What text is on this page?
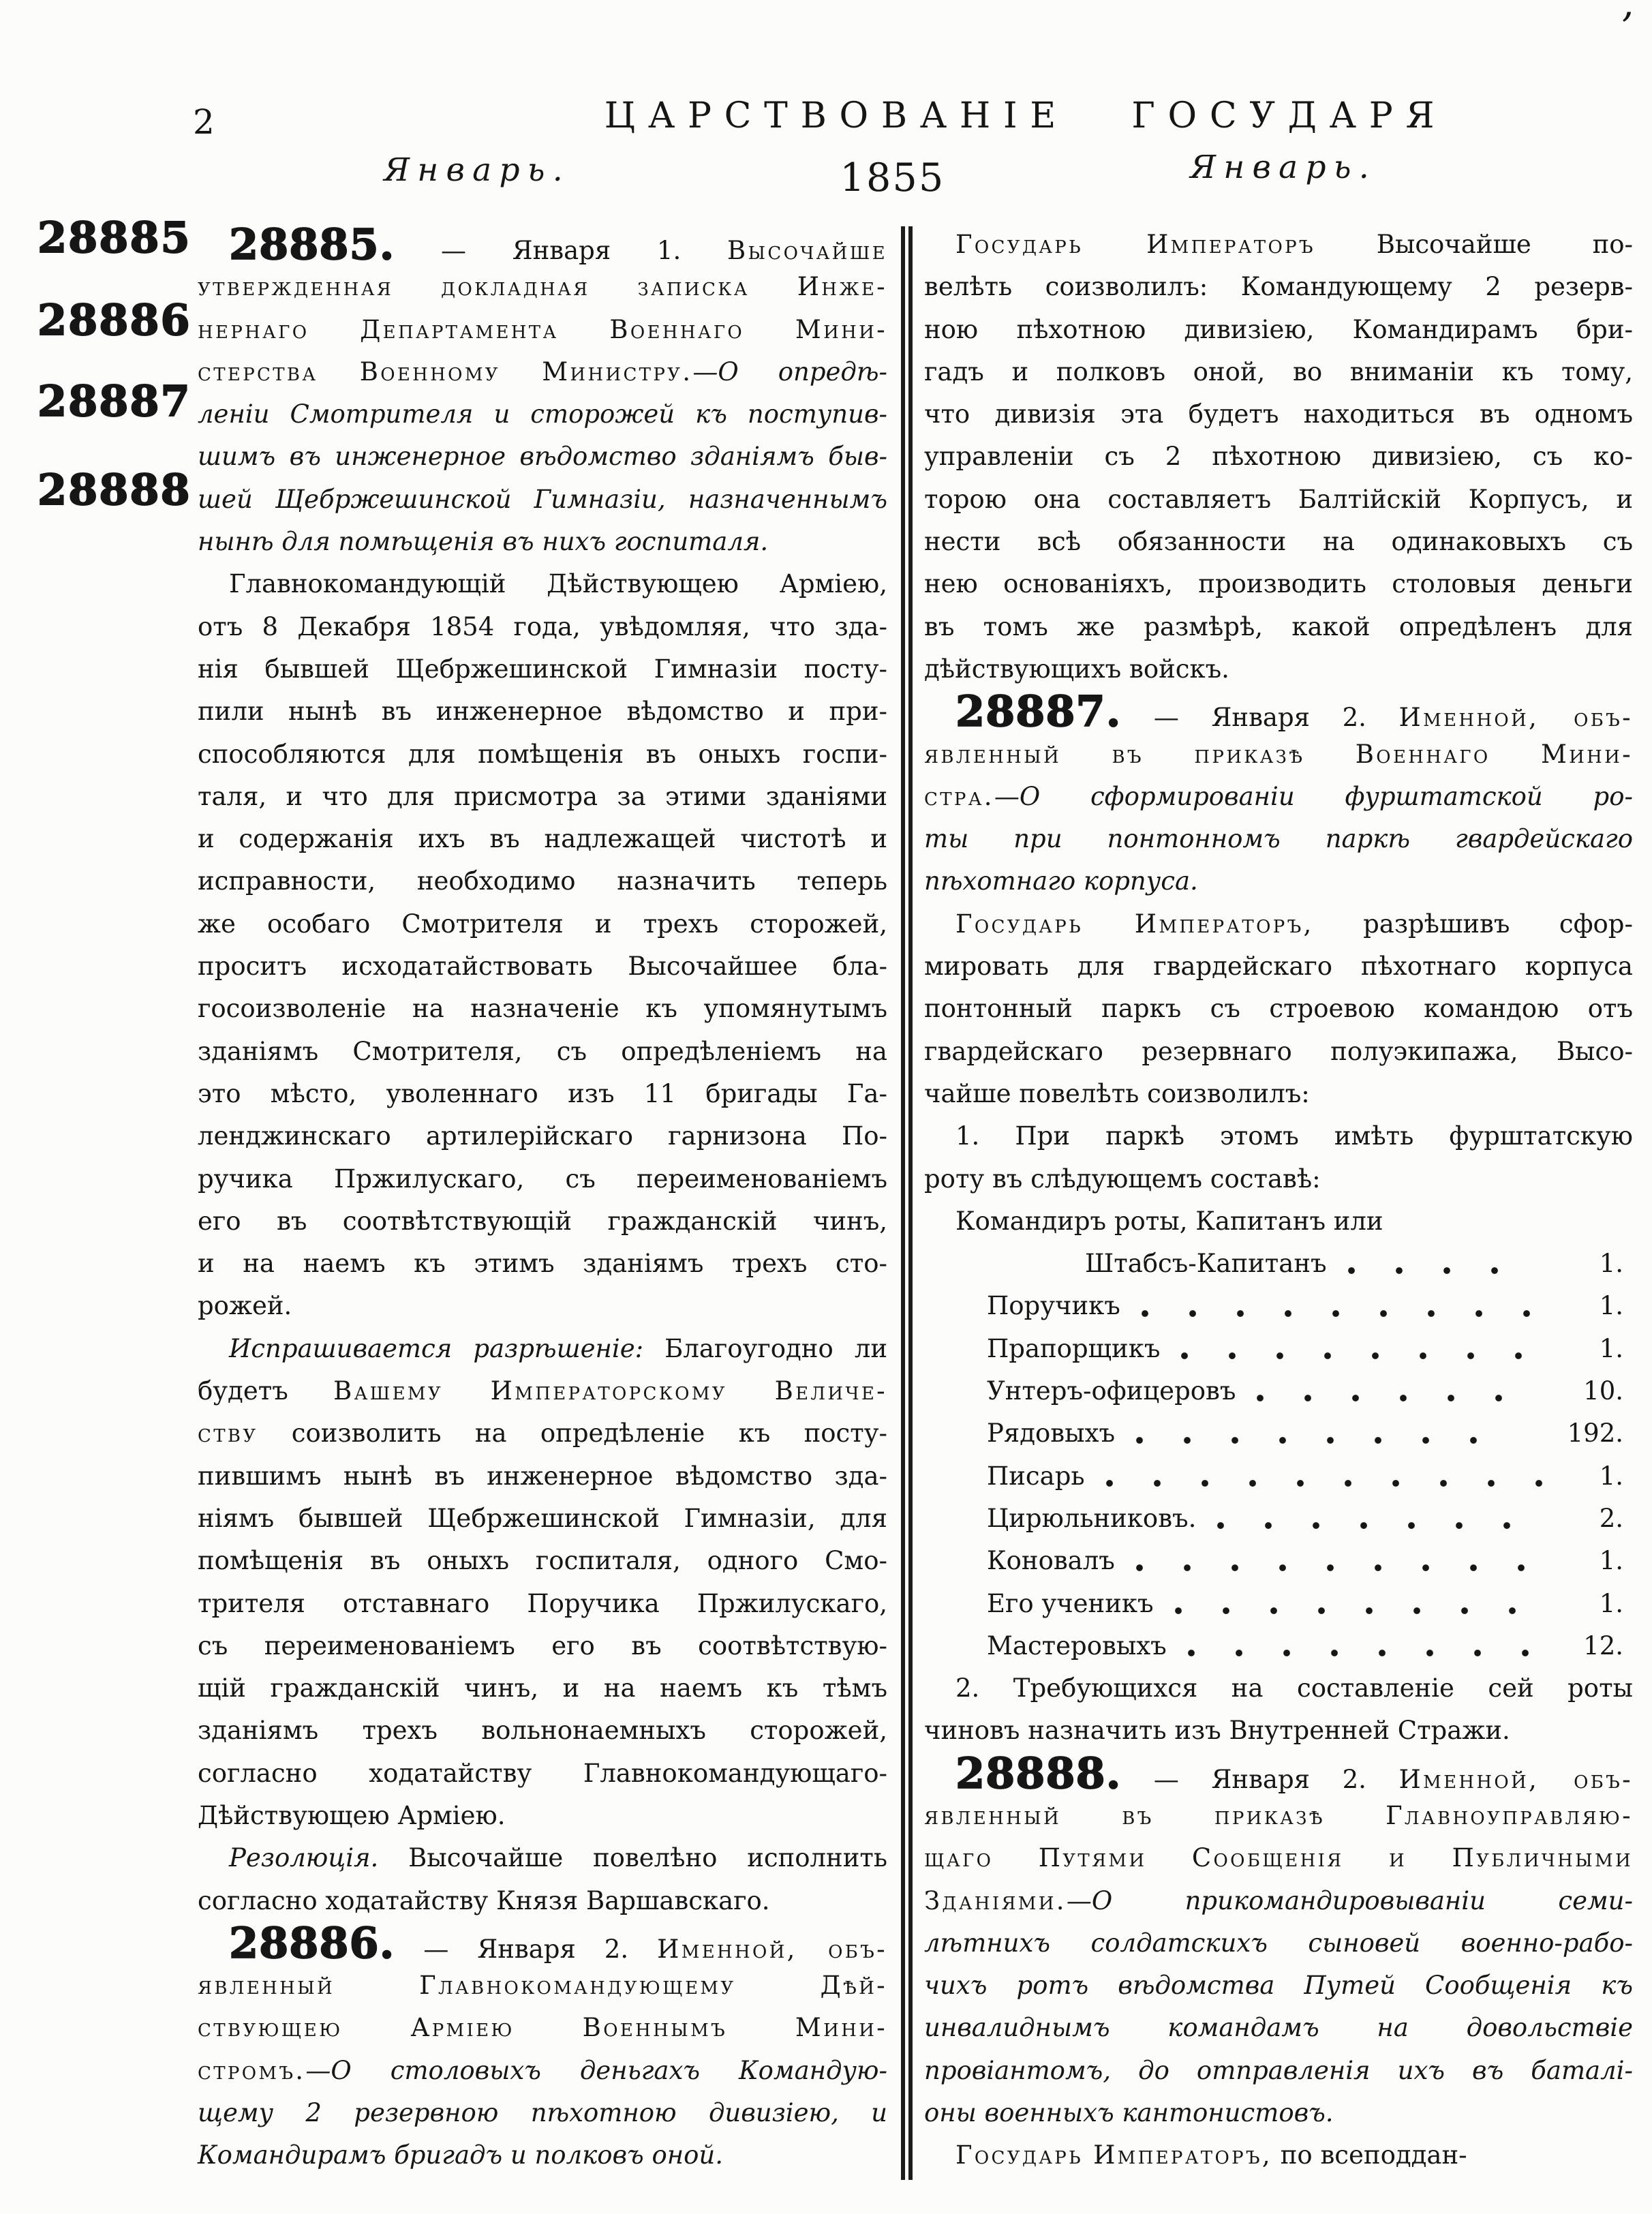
2	ЦАРСТВОВАНІЕ ГОСУДАРЯ
Январь.	1855	Январь.
’
28885
28886
28887
28888
28885. — Января 1. Высочайше
утвержденная докладная записка Инже-
нернаго Департамента Военнаго Мини-
стерства Военному Министру.—О опредѣ-
леніи Смотрителя и сторожей къ поступив-
шимъ въ инженерное вѣдомство зданіямъ быв-
шей Щебржешинской Гимназіи, назначеннымъ
нынѣ для помѣщенія въ нихъ госпиталя.
Главнокомандующій Дѣйствующею Арміею,
отъ 8 Декабря 1854 года, увѣдомляя, что зда-
нія бывшей Щебржешинской Гимназіи посту-
пили нынѣ въ инженерное вѣдомство и при-
способляются для помѣщенія въ оныхъ госпи-
таля, и что для присмотра за этими зданіями
и содержанія ихъ въ надлежащей чистотѣ и
исправности, необходимо назначить теперь
же особаго Смотрителя и трехъ сторожей,
проситъ исходатайствовать Высочайшее бла-
госоизволеніе на назначеніе къ упомянутымъ
зданіямъ Смотрителя, съ опредѣленіемъ на
это мѣсто, уволеннаго изъ 11 бригады Га-
ленджинскаго артилерійскаго гарнизона По-
ручика Пржилускаго, съ переименованіемъ
его въ соотвѣтствующій гражданскій чинъ,
и на наемъ къ этимъ зданіямъ трехъ сто-
рожей.
Испрашивается разрѣшеніе: Благоугодно ли
будетъ Вашему Императорскому Величе-
ству соизволить на опредѣленіе къ посту-
пившимъ нынѣ въ инженерное вѣдомство зда-
ніямъ бывшей Щебржешинской Гимназіи, для
помѣщенія въ оныхъ госпиталя, одного Смо-
трителя отставнаго Поручика Пржилускаго,
съ переименованіемъ его въ соотвѣтствую-
щій гражданскій чинъ, и на наемъ къ тѣмъ
зданіямъ трехъ вольнонаемныхъ сторожей,
согласно ходатайству Главнокомандующаго-
Дѣйствующею Арміею.
Резолюція. Высочайше повелѣно исполнить
согласно ходатайству Князя Варшавскаго.
28886. — Января 2. Именной, объ-
явленный Главнокомандующему Дѣй-
ствующею Арміею Военнымъ Мини-
стромъ.—О столовыхъ деньгахъ Командую-
щему 2 резервною пѣхотною дивизіею, и
Командирамъ бригадъ и полковъ оной.
Государь Императоръ Высочайше по-
велѣть соизволилъ: Командующему 2 резерв-
ною пѣхотною дивизіею, Командирамъ бри-
гадъ и полковъ оной, во вниманіи къ тому,
что дивизія эта будетъ находиться въ одномъ
управленіи съ 2 пѣхотною дивизіею, съ ко-
торою она составляетъ Балтійскій Корпусъ, и
нести всѣ обязанности на одинаковыхъ съ
нею основаніяхъ, производить столовыя деньги
въ томъ же размѣрѣ, какой опредѣленъ для
дѣйствующихъ войскъ.
28887. — Января 2. Именной, объ-
явленный въ приказѣ Военнаго Мини-
стра.—О сформированіи фурштатской ро-
ты при понтонномъ паркѣ гвардейскаго
пѣхотнаго корпуса.
Государь Императоръ, разрѣшивъ сфор-
мировать для гвардейскаго пѣхотнаго корпуса
понтонный паркъ съ строевою командою отъ
гвардейскаго резервнаго полуэкипажа, Высо-
чайше повелѣть соизволилъ:
1. При паркѣ этомъ имѣть фурштатскую
роту въ слѣдующемъ составѣ:
Командиръ роты, Капитанъ или
Штабсъ-Капитанъ	1.
Поручикъ	1.
Прапорщикъ	1.
Унтеръ-офицеровъ	10.
Рядовыхъ	192.
Писарь	1.
Цирюльниковъ.	2.
Коновалъ	1.
Его ученикъ	1.
Мастеровыхъ	12.
2. Требующихся на составленіе сей роты
чиновъ назначить изъ Внутренней Стражи.
28888. — Января 2. Именной, объ-
явленный въ приказѣ Главноуправляю-
щаго Путями Сообщенія и Публичными
Зданіями.—О прикомандировываніи семи-
лѣтнихъ солдатскихъ сыновей военно-рабо-
чихъ ротъ вѣдомства Путей Сообщенія къ
инвалиднымъ командамъ на довольствіе
провіантомъ, до отправленія ихъ въ баталі-
оны военныхъ кантонистовъ.
Государь Императоръ, по всеподдан-
